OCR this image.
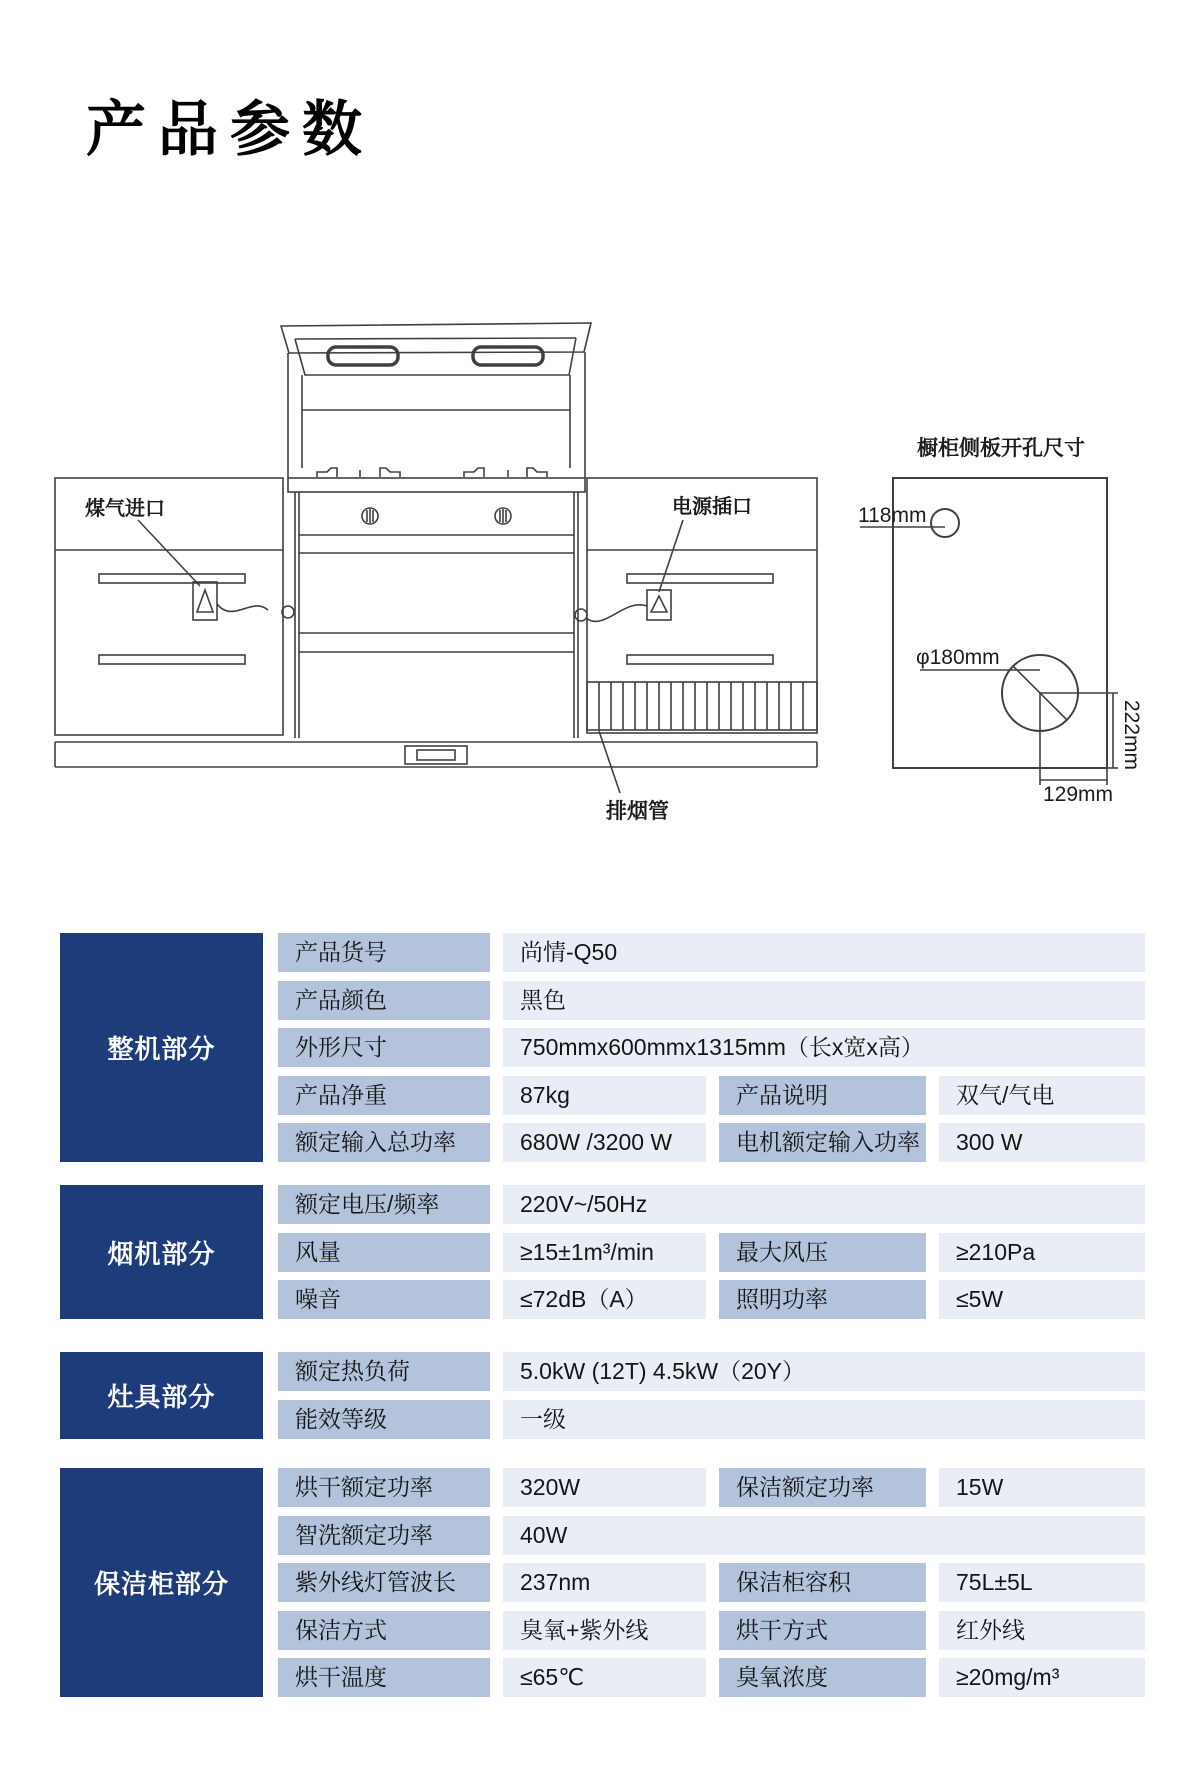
产品参数
煤气进口	电源插口
排烟管
橱柜侧板开孔尺寸
118mm
φ180mm
222mm
129mm
整机部分
产品货号	尚情-Q50
产品颜色	黑色
外形尺寸	750mmx600mmx1315mm（长x宽x高）
产品净重	87kg	产品说明	双气/气电
额定输入总功率	680W /3200 W	电机额定输入功率	300 W
烟机部分
额定电压/频率	220V~/50Hz
风量	≥15±1m³/min	最大风压	≥210Pa
噪音	≤72dB（A）	照明功率	≤5W
灶具部分
额定热负荷	5.0kW (12T) 4.5kW（20Y）
能效等级	一级
保洁柜部分
烘干额定功率	320W	保洁额定功率	15W
智洗额定功率	40W
紫外线灯管波长	237nm	保洁柜容积	75L±5L
保洁方式	臭氧+紫外线	烘干方式	红外线
烘干温度	≤65℃	臭氧浓度	≥20mg/m³
